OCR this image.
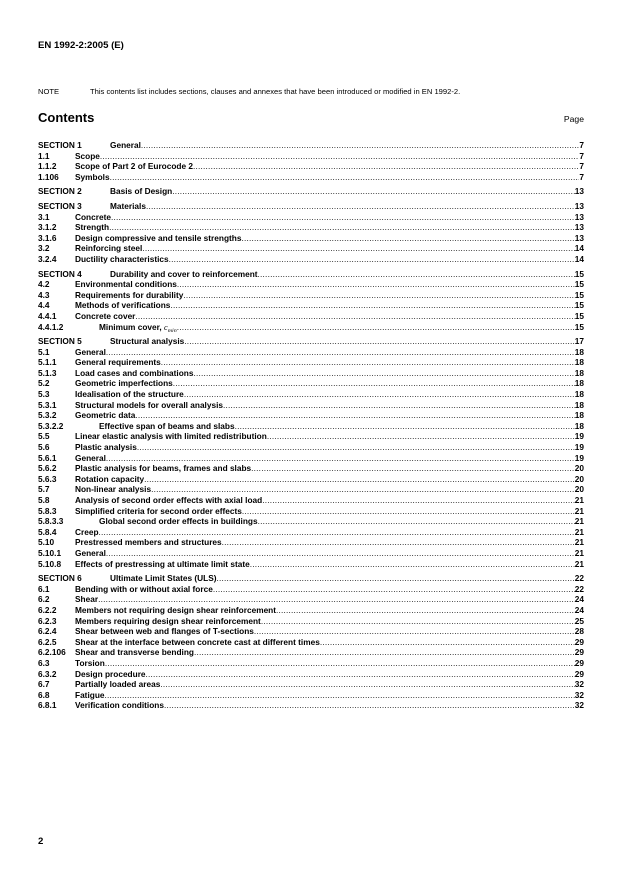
EN 1992-2:2005 (E)
NOTE	This contents list includes sections, clauses and annexes that have been introduced or modified in EN 1992-2.
Contents	Page
SECTION 1	General .....	7
1.1	Scope .....	7
1.1.2	Scope of Part 2 of Eurocode 2 .....	7
1.106	Symbols .....	7
SECTION 2	Basis of Design .....	13
SECTION 3	Materials .....	13
3.1	Concrete .....	13
3.1.2	Strength .....	13
3.1.6	Design compressive and tensile strengths .....	13
3.2	Reinforcing steel .....	14
3.2.4	Ductility characteristics .....	14
SECTION 4	Durability and cover to reinforcement .....	15
4.2	Environmental conditions .....	15
4.3	Requirements for durability .....	15
4.4	Methods of verifications .....	15
4.4.1	Concrete cover .....	15
4.4.1.2	Minimum cover, $c_{min}$ .....	15
SECTION 5	Structural analysis .....	17
5.1	General .....	18
5.1.1	General requirements .....	18
5.1.3	Load cases and combinations .....	18
5.2	Geometric imperfections .....	18
5.3	Idealisation of the structure .....	18
5.3.1	Structural models for overall analysis .....	18
5.3.2	Geometric data .....	18
5.3.2.2	Effective span of beams and slabs .....	18
5.5	Linear elastic analysis with limited redistribution .....	19
5.6	Plastic analysis .....	19
5.6.1	General .....	19
5.6.2	Plastic analysis for beams, frames and slabs .....	20
5.6.3	Rotation capacity .....	20
5.7	Non-linear analysis .....	20
5.8	Analysis of second order effects with axial load .....	21
5.8.3	Simplified criteria for second order effects .....	21
5.8.3.3	Global second order effects in buildings .....	21
5.8.4	Creep .....	21
5.10	Prestressed members and structures .....	21
5.10.1	General .....	21
5.10.8	Effects of prestressing at ultimate limit state .....	21
SECTION 6	Ultimate Limit States (ULS) .....	22
6.1	Bending with or without axial force .....	22
6.2	Shear .....	24
6.2.2	Members not requiring design shear reinforcement .....	24
6.2.3	Members requiring design shear reinforcement .....	25
6.2.4	Shear between web and flanges of T-sections .....	28
6.2.5	Shear at the interface between concrete cast at different times .....	29
6.2.106	Shear and transverse bending .....	29
6.3	Torsion .....	29
6.3.2	Design procedure .....	29
6.7	Partially loaded areas .....	32
6.8	Fatigue .....	32
6.8.1	Verification conditions .....	32
2
